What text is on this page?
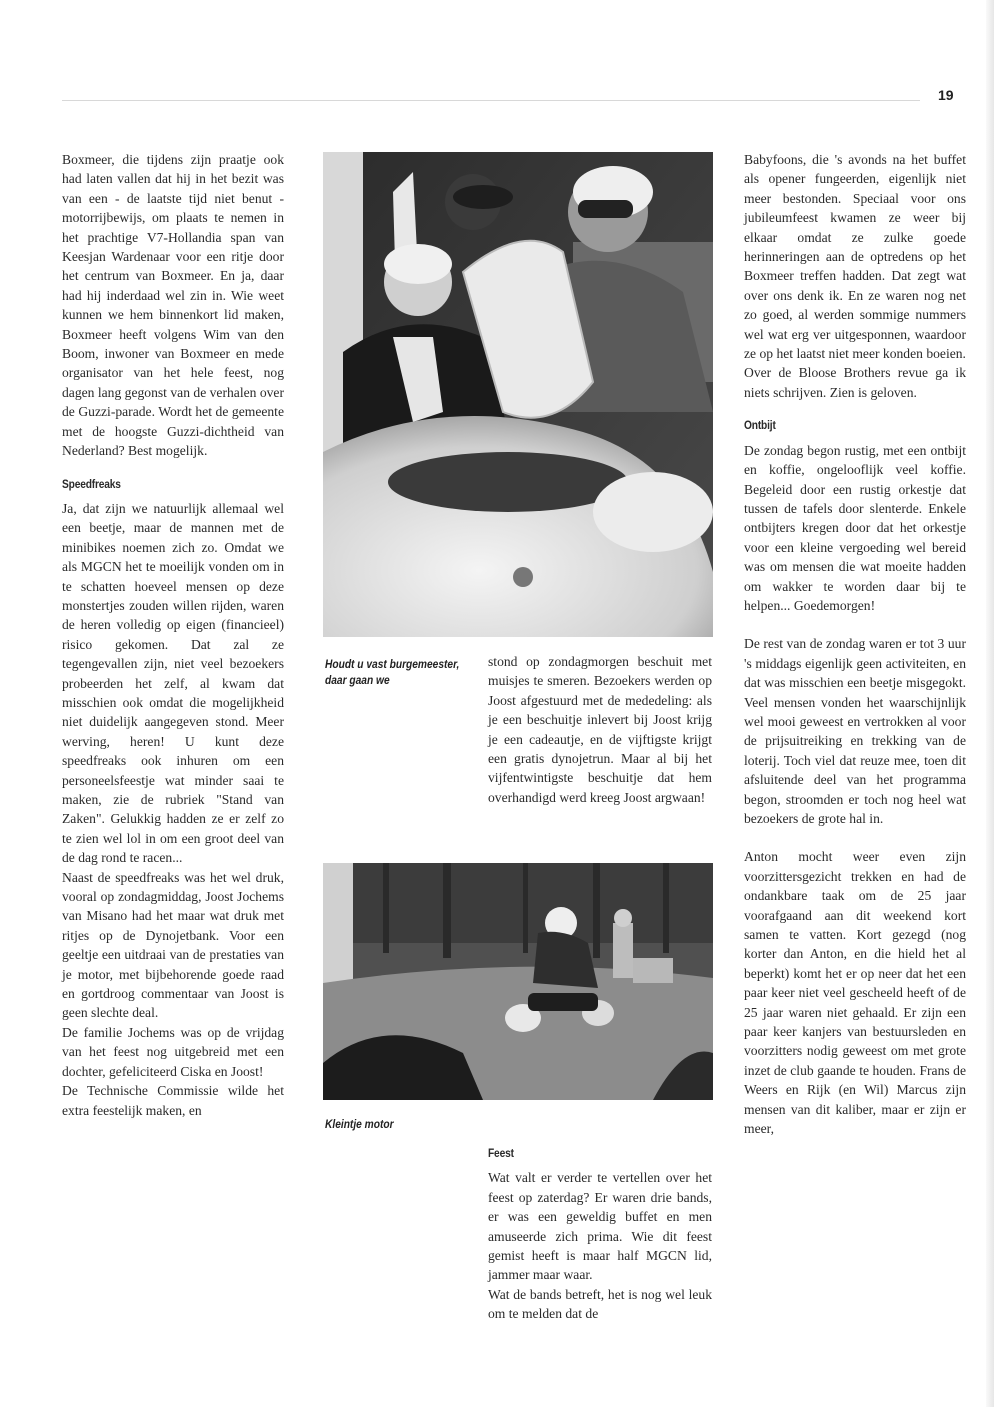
19

Boxmeer, die tijdens zijn praatje ook had laten vallen dat hij in het bezit was van een - de laatste tijd niet benut - motorrijbewijs, om plaats te nemen in het prachtige V7-Hollandia span van Keesjan Wardenaar voor een ritje door het centrum van Boxmeer. En ja, daar had hij inderdaad wel zin in. Wie weet kunnen we hem binnenkort lid maken, Boxmeer heeft volgens Wim van den Boom, inwoner van Boxmeer en mede organisator van het hele feest, nog dagen lang gegonst van de verhalen over de Guzzi-parade. Wordt het de gemeente met de hoogste Guzzi-dichtheid van Nederland? Best mogelijk.

Speedfreaks

Ja, dat zijn we natuurlijk allemaal wel een beetje, maar de mannen met de minibikes noemen zich zo. Omdat we als MGCN het te moeilijk vonden om in te schatten hoeveel mensen op deze monstertjes zouden willen rijden, waren de heren volledig op eigen (financieel) risico gekomen. Dat zal ze tegengevallen zijn, niet veel bezoekers probeerden het zelf, al kwam dat misschien ook omdat die mogelijkheid niet duidelijk aangegeven stond. Meer werving, heren! U kunt deze speedfreaks ook inhuren om een personeelsfeestje wat minder saai te maken, zie de rubriek "Stand van Zaken". Gelukkig hadden ze er zelf zo te zien wel lol in om een groot deel van de dag rond te racen...

Naast de speedfreaks was het wel druk, vooral op zondagmiddag, Joost Jochems van Misano had het maar wat druk met ritjes op de Dynojetbank. Voor een geeltje een uitdraai van de prestaties van je motor, met bijbehorende goede raad en gortdroog commentaar van Joost is geen slechte deal.

De familie Jochems was op de vrijdag van het feest nog uitgebreid met een dochter, gefeliciteerd Ciska en Joost!

De Technische Commissie wilde het extra feestelijk maken, en

Houdt u vast burgemeester, daar gaan we

stond op zondagmorgen beschuit met muisjes te smeren. Bezoekers werden op Joost afgestuurd met de mededeling: als je een beschuitje inlevert bij Joost krijg je een cadeautje, en de vijftigste krijgt een gratis dynojetrun. Maar al bij het vijfentwintigste beschuitje dat hem overhandigd werd kreeg Joost argwaan!

Kleintje motor

Feest

Wat valt er verder te vertellen over het feest op zaterdag? Er waren drie bands, er was een geweldig buffet en men amuseerde zich prima. Wie dit feest gemist heeft is maar half MGCN lid, jammer maar waar.

Wat de bands betreft, het is nog wel leuk om te melden dat de

Babyfoons, die 's avonds na het buffet als opener fungeerden, eigenlijk niet meer bestonden. Speciaal voor ons jubileumfeest kwamen ze weer bij elkaar omdat ze zulke goede herinneringen aan de optredens op het Boxmeer treffen hadden. Dat zegt wat over ons denk ik. En ze waren nog net zo goed, al werden sommige nummers wel wat erg ver uitgesponnen, waardoor ze op het laatst niet meer konden boeien.

Over de Bloose Brothers revue ga ik niets schrijven. Zien is geloven.

Ontbijt

De zondag begon rustig, met een ontbijt en koffie, ongelooflijk veel koffie. Begeleid door een rustig orkestje dat tussen de tafels door slenterde. Enkele ontbijters kregen door dat het orkestje voor een kleine vergoeding wel bereid was om mensen die wat moeite hadden om wakker te worden daar bij te helpen... Goedemorgen!

De rest van de zondag waren er tot 3 uur 's middags eigenlijk geen activiteiten, en dat was misschien een beetje misgegokt. Veel mensen vonden het waarschijnlijk wel mooi geweest en vertrokken al voor de prijsuitreiking en trekking van de loterij. Toch viel dat reuze mee, toen dit afsluitende deel van het programma begon, stroomden er toch nog heel wat bezoekers de grote hal in.

Anton mocht weer even zijn voorzittersgezicht trekken en had de ondankbare taak om de 25 jaar voorafgaand aan dit weekend kort samen te vatten. Kort gezegd (nog korter dan Anton, en die hield het al beperkt) komt het er op neer dat het een paar keer niet veel gescheeld heeft of de 25 jaar waren niet gehaald. Er zijn een paar keer kanjers van bestuursleden en voorzitters nodig geweest om met grote inzet de club gaande te houden. Frans de Weers en Rijk (en Wil) Marcus zijn mensen van dit kaliber, maar er zijn er meer,
